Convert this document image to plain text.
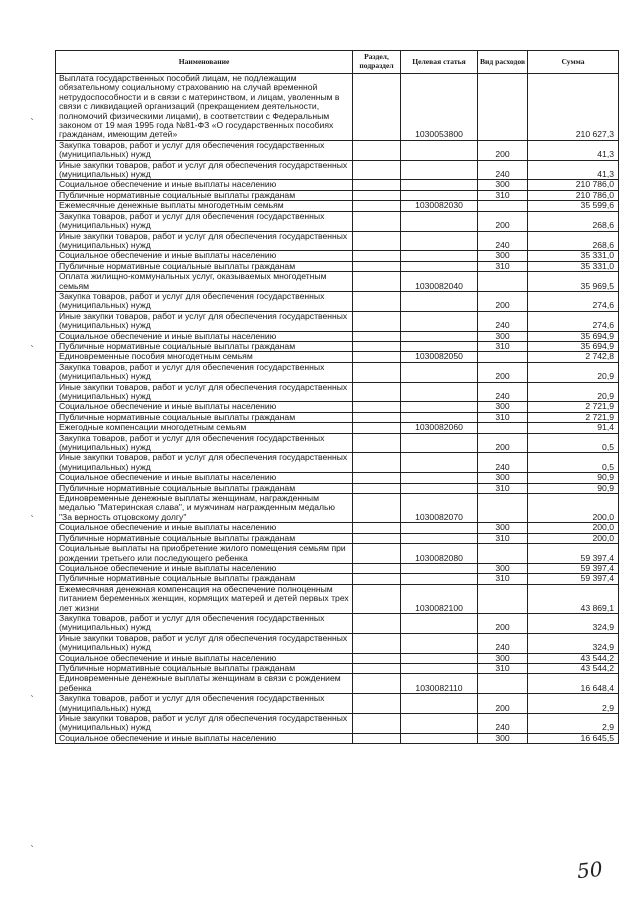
Наименование	Раздел, подраздел	Целевая статья	Вид расходов	Сумма
Выплата государственных пособий лицам, не подлежащим обязательному социальному страхованию на случай временной нетрудоспособности и в связи с материнством, и лицам, уволенным в связи с ликвидацией организаций (прекращением деятельности, полномочий физическими лицами), в соответствии с Федеральным законом от 19 мая 1995 года №81-ФЗ «О государственных пособиях гражданам, имеющим детей»		1030053800		210 627,3
Закупка товаров, работ и услуг для обеспечения государственных (муниципальных) нужд			200	41,3
Иные закупки товаров, работ и услуг для обеспечения государственных (муниципальных) нужд			240	41,3
Социальное обеспечение и иные выплаты населению			300	210 786,0
Публичные нормативные социальные выплаты гражданам			310	210 786,0
Ежемесячные денежные выплаты многодетным семьям		1030082030		35 599,6
Закупка товаров, работ и услуг для обеспечения государственных (муниципальных) нужд			200	268,6
Иные закупки товаров, работ и услуг для обеспечения государственных (муниципальных) нужд			240	268,6
Социальное обеспечение и иные выплаты населению			300	35 331,0
Публичные нормативные социальные выплаты гражданам			310	35 331,0
Оплата жилищно-коммунальных услуг, оказываемых многодетным семьям		1030082040		35 969,5
Закупка товаров, работ и услуг для обеспечения государственных (муниципальных) нужд			200	274,6
Иные закупки товаров, работ и услуг для обеспечения государственных (муниципальных) нужд			240	274,6
Социальное обеспечение и иные выплаты населению			300	35 694,9
Публичные нормативные социальные выплаты гражданам			310	35 694,9
Единовременные пособия многодетным семьям		1030082050		2 742,8
Закупка товаров, работ и услуг для обеспечения государственных (муниципальных) нужд			200	20,9
Иные закупки товаров, работ и услуг для обеспечения государственных (муниципальных) нужд			240	20,9
Социальное обеспечение и иные выплаты населению			300	2 721,9
Публичные нормативные социальные выплаты гражданам			310	2 721,9
Ежегодные компенсации многодетным семьям		1030082060		91,4
Закупка товаров, работ и услуг для обеспечения государственных (муниципальных) нужд			200	0,5
Иные закупки товаров, работ и услуг для обеспечения государственных (муниципальных) нужд			240	0,5
Социальное обеспечение и иные выплаты населению			300	90,9
Публичные нормативные социальные выплаты гражданам			310	90,9
Единовременные денежные выплаты женщинам, награжденным медалью "Материнская слава", и мужчинам награжденным медалью "За верность отцовскому долгу"		1030082070		200,0
Социальное обеспечение и иные выплаты населению			300	200,0
Публичные нормативные социальные выплаты гражданам			310	200,0
Социальные выплаты на приобретение жилого помещения семьям при рождении третьего или последующего ребенка		1030082080		59 397,4
Социальное обеспечение и иные выплаты населению			300	59 397,4
Публичные нормативные социальные выплаты гражданам			310	59 397,4
Ежемесячная денежная компенсация на обеспечение полноценным питанием беременных женщин, кормящих матерей и детей первых трех лет жизни		1030082100		43 869,1
Закупка товаров, работ и услуг для обеспечения государственных (муниципальных) нужд			200	324,9
Иные закупки товаров, работ и услуг для обеспечения государственных (муниципальных) нужд			240	324,9
Социальное обеспечение и иные выплаты населению			300	43 544,2
Публичные нормативные социальные выплаты гражданам			310	43 544,2
Единовременные денежные выплаты женщинам в связи с рождением ребенка		1030082110		16 648,4
Закупка товаров, работ и услуг для обеспечения государственных (муниципальных) нужд			200	2,9
Иные закупки товаров, работ и услуг для обеспечения государственных (муниципальных) нужд			240	2,9
Социальное обеспечение и иные выплаты населению			300	16 645,5
`
`
`
`
`
50
